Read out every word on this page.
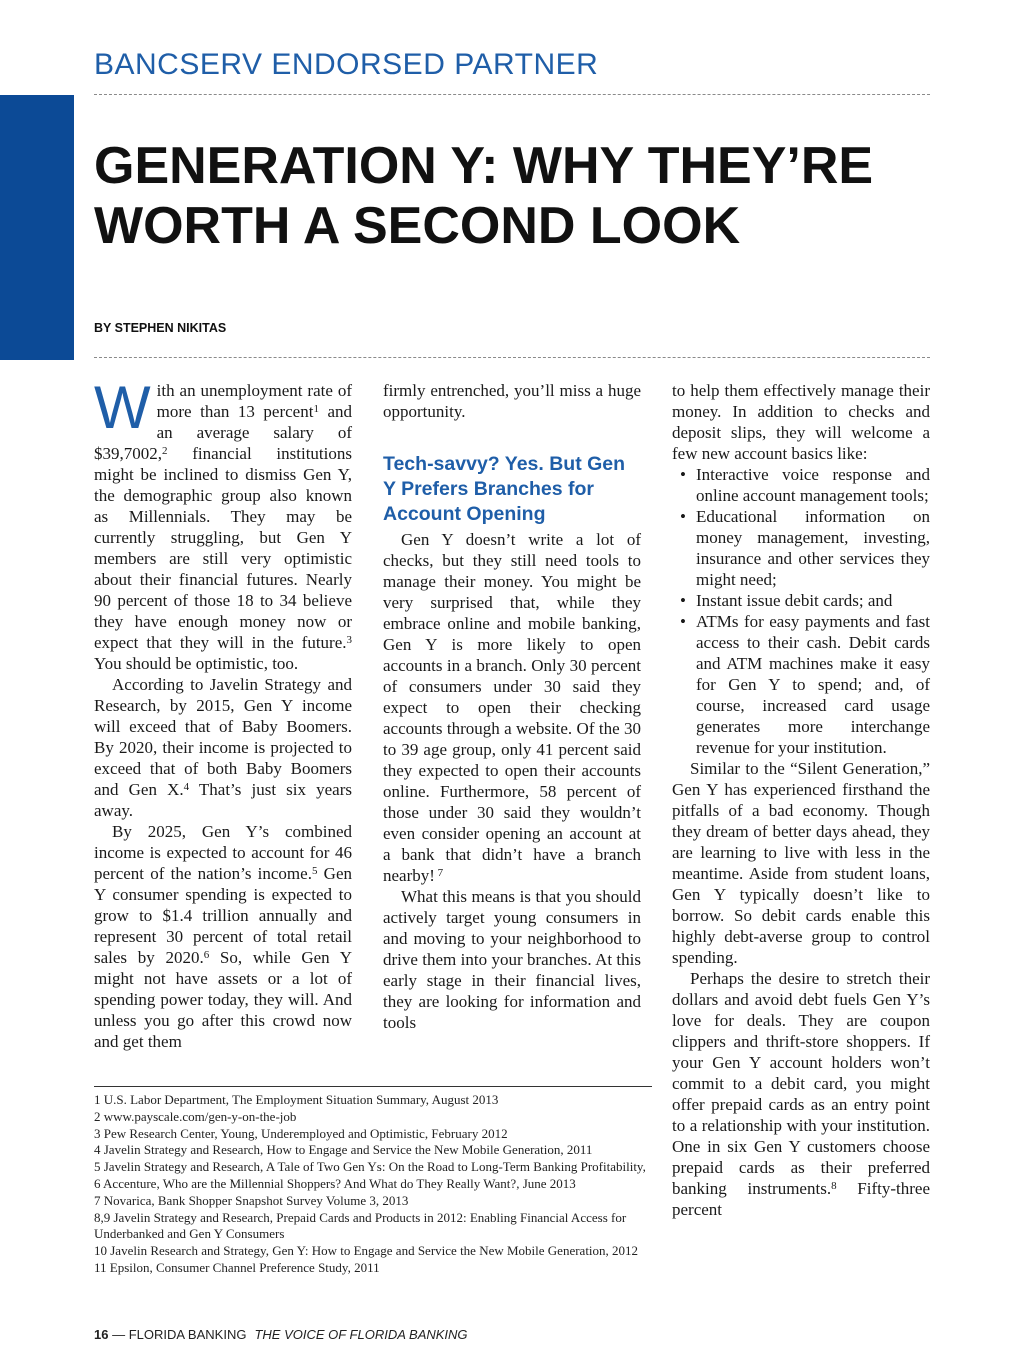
BANCSERV ENDORSED PARTNER
GENERATION Y: WHY THEY’RE
WORTH A SECOND LOOK
BY STEPHEN NIKITAS

With an unemployment rate of more than 13 percent$^1$ and an average salary of $39,7002,$^2$ financial institutions might be inclined to dismiss Gen Y, the demographic group also known as Millennials. They may be currently struggling, but Gen Y members are still very optimistic about their financial futures. Nearly 90 percent of those 18 to 34 believe they have enough money now or expect that they will in the future.$^3$ You should be optimistic, too.

According to Javelin Strategy and Research, by 2015, Gen Y income will exceed that of Baby Boomers. By 2020, their income is projected to exceed that of both Baby Boomers and Gen X.$^4$ That’s just six years away.

By 2025, Gen Y’s combined income is expected to account for 46 percent of the nation’s income.$^5$ Gen Y consumer spending is expected to grow to $1.4 trillion annually and represent 30 percent of total retail sales by 2020.$^6$ So, while Gen Y might not have assets or a lot of spending power today, they will. And unless you go after this crowd now and get them

firmly entrenched, you’ll miss a huge opportunity.

Tech-savvy? Yes. But Gen Y Prefers Branches for Account Opening

Gen Y doesn’t write a lot of checks, but they still need tools to manage their money. You might be very surprised that, while they embrace online and mobile banking, Gen Y is more likely to open accounts in a branch. Only 30 percent of consumers under 30 said they expect to open their checking accounts through a website. Of the 30 to 39 age group, only 41 percent said they expected to open their accounts online. Furthermore, 58 percent of those under 30 said they wouldn’t even consider opening an account at a bank that didn’t have a branch nearby! $^7$

What this means is that you should actively target young consumers in and moving to your neighborhood to drive them into your branches. At this early stage in their financial lives, they are looking for information and tools

to help them effectively manage their money. In addition to checks and deposit slips, they will welcome a few new account basics like:

• Interactive voice response and online account management tools;
• Educational information on money management, investing, insurance and other services they might need;
• Instant issue debit cards; and
• ATMs for easy payments and fast access to their cash. Debit cards and ATM machines make it easy for Gen Y to spend; and, of course, increased card usage generates more interchange revenue for your institution.

Similar to the “Silent Generation,” Gen Y has experienced firsthand the pitfalls of a bad economy. Though they dream of better days ahead, they are learning to live with less in the meantime. Aside from student loans, Gen Y typically doesn’t like to borrow. So debit cards enable this highly debt-averse group to control spending.

Perhaps the desire to stretch their dollars and avoid debt fuels Gen Y’s love for deals. They are coupon clippers and thrift-store shoppers. If your Gen Y account holders won’t commit to a debit card, you might offer prepaid cards as an entry point to a relationship with your institution. One in six Gen Y customers choose prepaid cards as their preferred banking instruments.$^8$ Fifty-three percent

1 U.S. Labor Department, The Employment Situation Summary, August 2013
2 www.payscale.com/gen-y-on-the-job
3 Pew Research Center, Young, Underemployed and Optimistic, February 2012
4 Javelin Strategy and Research, How to Engage and Service the New Mobile Generation, 2011
5 Javelin Strategy and Research, A Tale of Two Gen Ys: On the Road to Long-Term Banking Profitability,
6 Accenture, Who are the Millennial Shoppers? And What do They Really Want?, June 2013
7 Novarica, Bank Shopper Snapshot Survey Volume 3, 2013
8,9 Javelin Strategy and Research, Prepaid Cards and Products in 2012: Enabling Financial Access for Underbanked and Gen Y Consumers
10 Javelin Research and Strategy, Gen Y: How to Engage and Service the New Mobile Generation, 2012
11 Epsilon, Consumer Channel Preference Study, 2011
16 — FLORIDA BANKING THE VOICE OF FLORIDA BANKING
